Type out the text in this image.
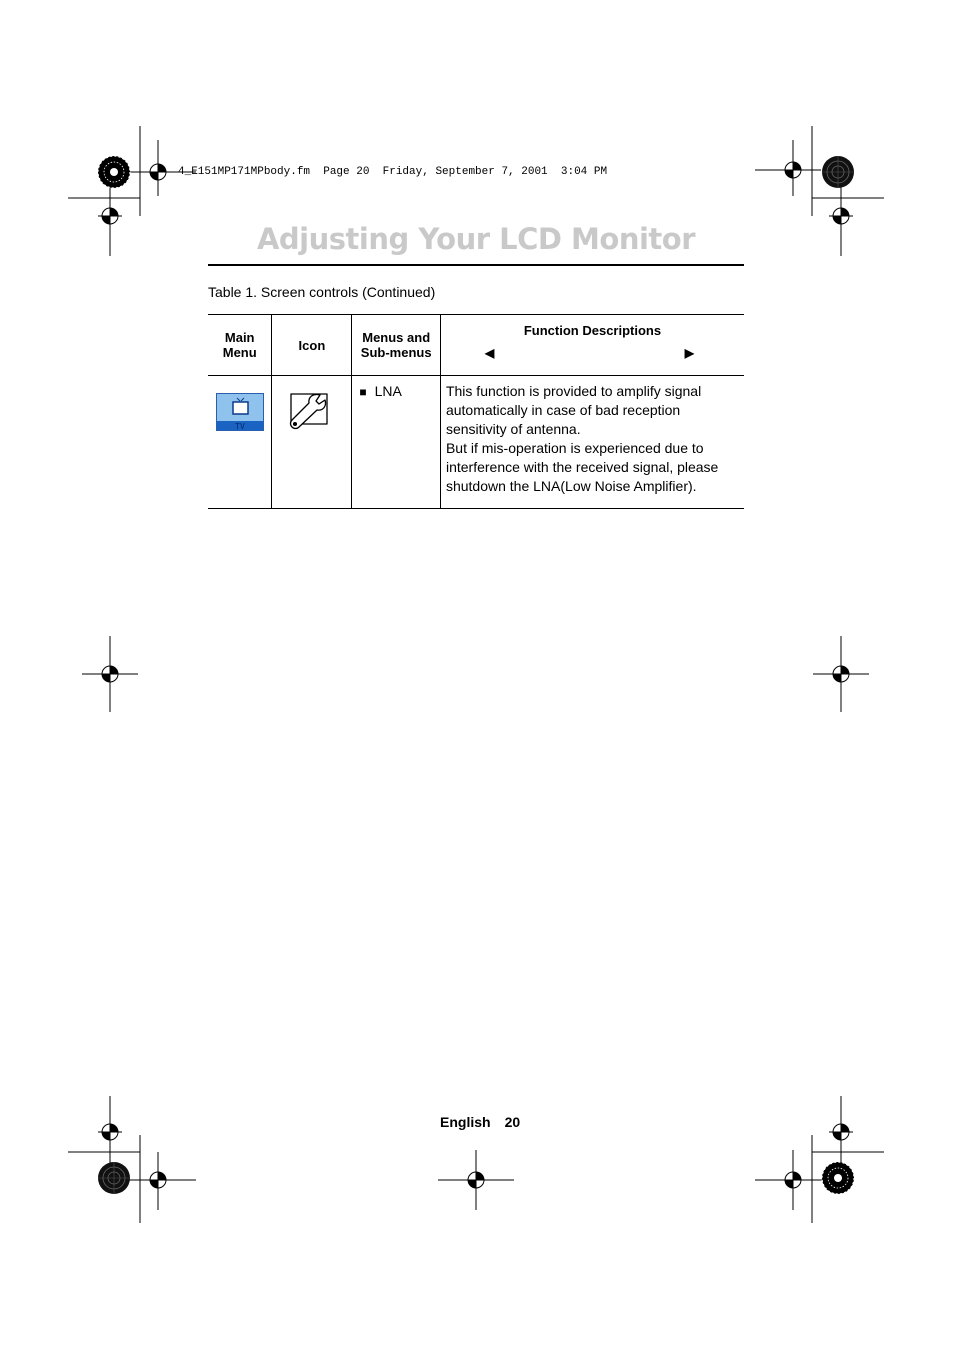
4_E151MP171MPbody.fm  Page 20  Friday, September 7, 2001  3:04 PM
Adjusting Your LCD Monitor
Table 1. Screen controls (Continued)
Main Menu	Icon	Menus and Sub-menus	Function Descriptions
◀ ▶

TV		■ LNA	This function is provided to amplify signal automatically in case of bad reception sensitivity of antenna.
But if mis-operation is experienced due to interference with the received signal, please shutdown the LNA(Low Noise Amplifier).
English 20
